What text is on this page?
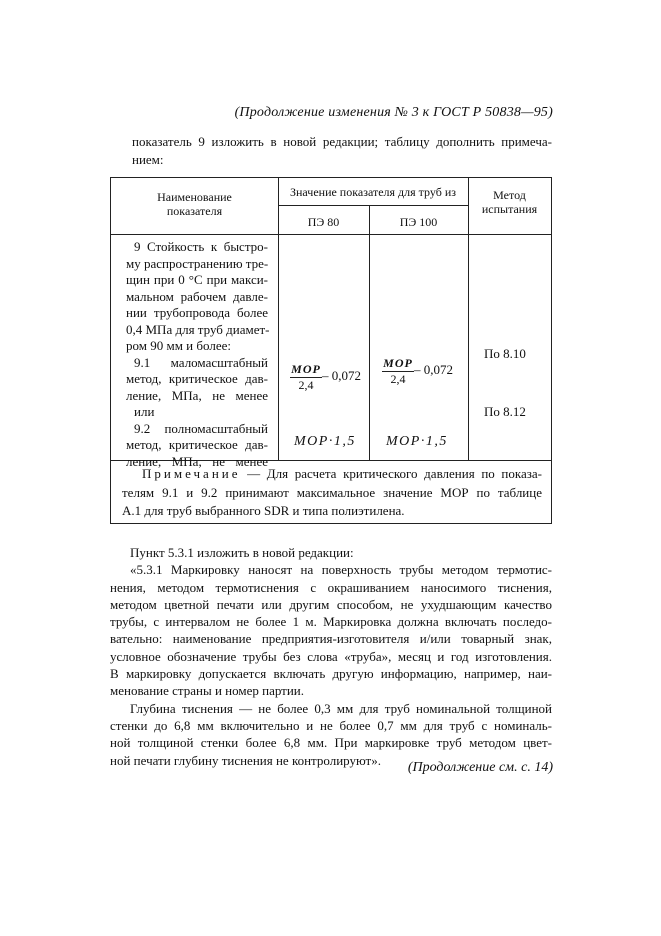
(Продолжение изменения № 3 к ГОСТ Р 50838—95)
показатель 9 изложить в новой редакции; таблицу дополнить примеча-
нием:
Наименование
показателя
Значение показателя для труб из
ПЭ 80	ПЭ 100
Метод
испытания
9 Стойкость к быстро-
му распространению тре-
щин при 0 °С при макси-
мальном рабочем давле-
нии трубопровода более
0,4 МПа для труб диамет-
ром 90 мм и более:
9.1 маломасштабный
метод, критическое дав-
ление, МПа, не менее
или
9.2 полномасштабный
метод, критическое дав-
ление, МПа, не менее
MOP
2,4
– 0,072
MOP
2,4
– 0,072
По 8.10
По 8.12
MOP·1,5 MOP·1,5
Примечание — Для расчета критического давления по показа-
телям 9.1 и 9.2 принимают максимальное значение МОР по таблице
А.1 для труб выбранного SDR и типа полиэтилена.
Пункт 5.3.1 изложить в новой редакции:
«5.3.1 Маркировку наносят на поверхность трубы методом термотис-
нения, методом термотиснения с окрашиванием наносимого тиснения,
методом цветной печати или другим способом, не ухудшающим качество
трубы, с интервалом не более 1 м. Маркировка должна включать последо-
вательно: наименование предприятия-изготовителя и/или товарный знак,
условное обозначение трубы без слова «труба», месяц и год изготовления.
В маркировку допускается включать другую информацию, например, наи-
менование страны и номер партии.
Глубина тиснения — не более 0,3 мм для труб номинальной толщиной
стенки до 6,8 мм включительно и не более 0,7 мм для труб с номиналь-
ной толщиной стенки более 6,8 мм. При маркировке труб методом цвет-
ной печати глубину тиснения не контролируют».	(Продолжение см. с. 14)
